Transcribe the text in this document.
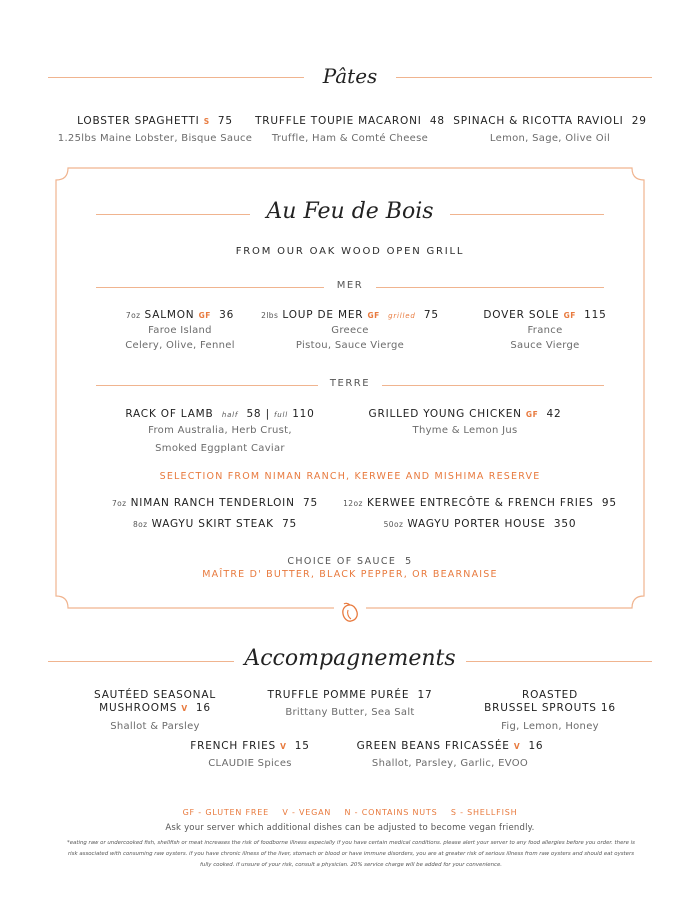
Pâtes
LOBSTER SPAGHETTI S 75
1.25lbs Maine Lobster, Bisque Sauce
TRUFFLE TOUPIE MACARONI 48
Truffle, Ham & Comté Cheese
SPINACH & RICOTTA RAVIOLI 29
Lemon, Sage, Olive Oil
Au Feu de Bois
FROM OUR OAK WOOD OPEN GRILL
MER
7oz SALMON GF 36
Faroe Island
Celery, Olive, Fennel
2lbs LOUP DE MER GF grilled 75
Greece
Pistou, Sauce Vierge
DOVER SOLE GF 115
France
Sauce Vierge
TERRE
RACK OF LAMB half 58 | full 110
From Australia, Herb Crust,
Smoked Eggplant Caviar
GRILLED YOUNG CHICKEN GF 42
Thyme & Lemon Jus
SELECTION FROM NIMAN RANCH, KERWEE AND MISHIMA RESERVE
7oz NIMAN RANCH TENDERLOIN 75	12oz KERWEE ENTRECÔTE & FRENCH FRIES 95
8oz WAGYU SKIRT STEAK 75	50oz WAGYU PORTER HOUSE 350
CHOICE OF SAUCE 5
MAÎTRE D' BUTTER, BLACK PEPPER, OR BEARNAISE
Accompagnements
SAUTÉED SEASONAL
MUSHROOMS V 16
Shallot & Parsley
TRUFFLE POMME PURÉE 17
Brittany Butter, Sea Salt
ROASTED
BRUSSEL SPROUTS 16
Fig, Lemon, Honey
FRENCH FRIES V 15
CLAUDIE Spices
GREEN BEANS FRICASSÉE V 16
Shallot, Parsley, Garlic, EVOO
GF - GLUTEN FREE    V - VEGAN    N - CONTAINS NUTS    S - SHELLFISH
Ask your server which additional dishes can be adjusted to become vegan friendly.
*eating raw or undercooked fish, shellfish or meat increases the risk of foodborne illness especially if you have certain medical conditions. please alert your server to any food allergies before you order. there is risk associated with consuming raw oysters. if you have chronic illness of the liver, stomach or blood or have immune disorders, you are at greater risk of serious illness from raw oysters and should eat oysters fully cooked. if unsure of your risk, consult a physician. 20% service charge will be added for your convenience.
